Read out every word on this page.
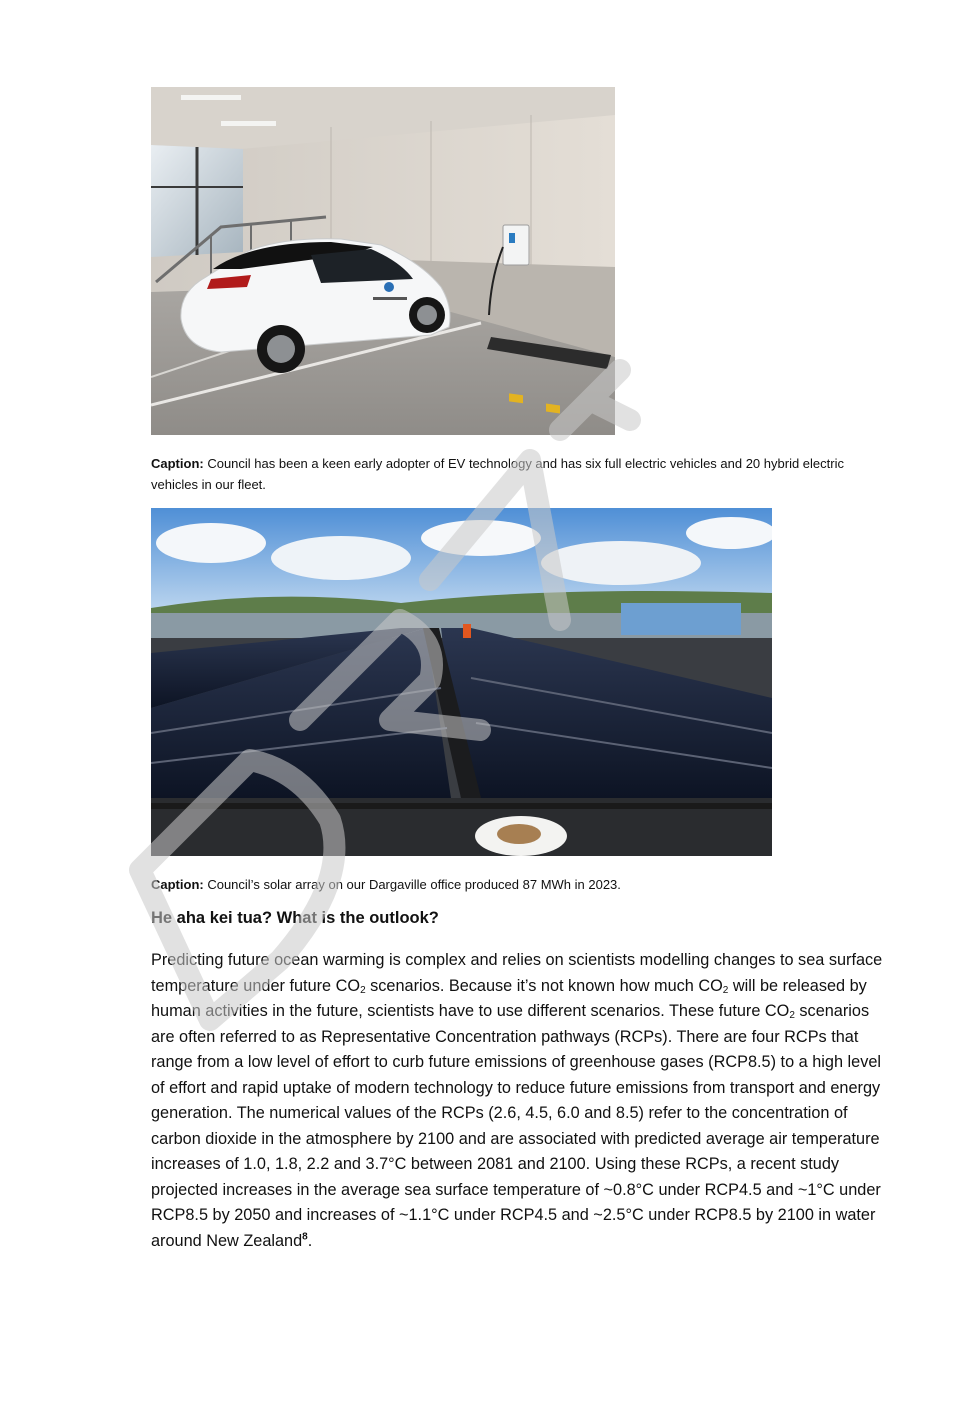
Caption: Council has been a keen early adopter of EV technology and has six full electric vehicles and 20 hybrid electric vehicles in our fleet.
Caption: Council’s solar array on our Dargaville office produced 87 MWh in 2023.
He aha kei tua? What is the outlook?

Predicting future ocean warming is complex and relies on scientists modelling changes to sea surface temperature under future $CO_2$ scenarios. Because it’s not known how much $CO_2$ will be released by human activities in the future, scientists have to use different scenarios. These future $CO_2$ scenarios are often referred to as Representative Concentration pathways (RCPs). There are four RCPs that range from a low level of effort to curb future emissions of greenhouse gases (RCP8.5) to a high level of effort and rapid uptake of modern technology to reduce future emissions from transport and energy generation. The numerical values of the RCPs (2.6, 4.5, 6.0 and 8.5) refer to the concentration of carbon dioxide in the atmosphere by 2100 and are associated with predicted average air temperature increases of 1.0, 1.8, 2.2 and 3.7°C between 2081 and 2100. Using these RCPs, a recent study projected increases in the average sea surface temperature of ~0.8°C under RCP4.5 and ~1°C under RCP8.5 by 2050 and increases of ~1.1°C under RCP4.5 and ~2.5°C under RCP8.5 by 2100 in water around New Zealand$^8$.
